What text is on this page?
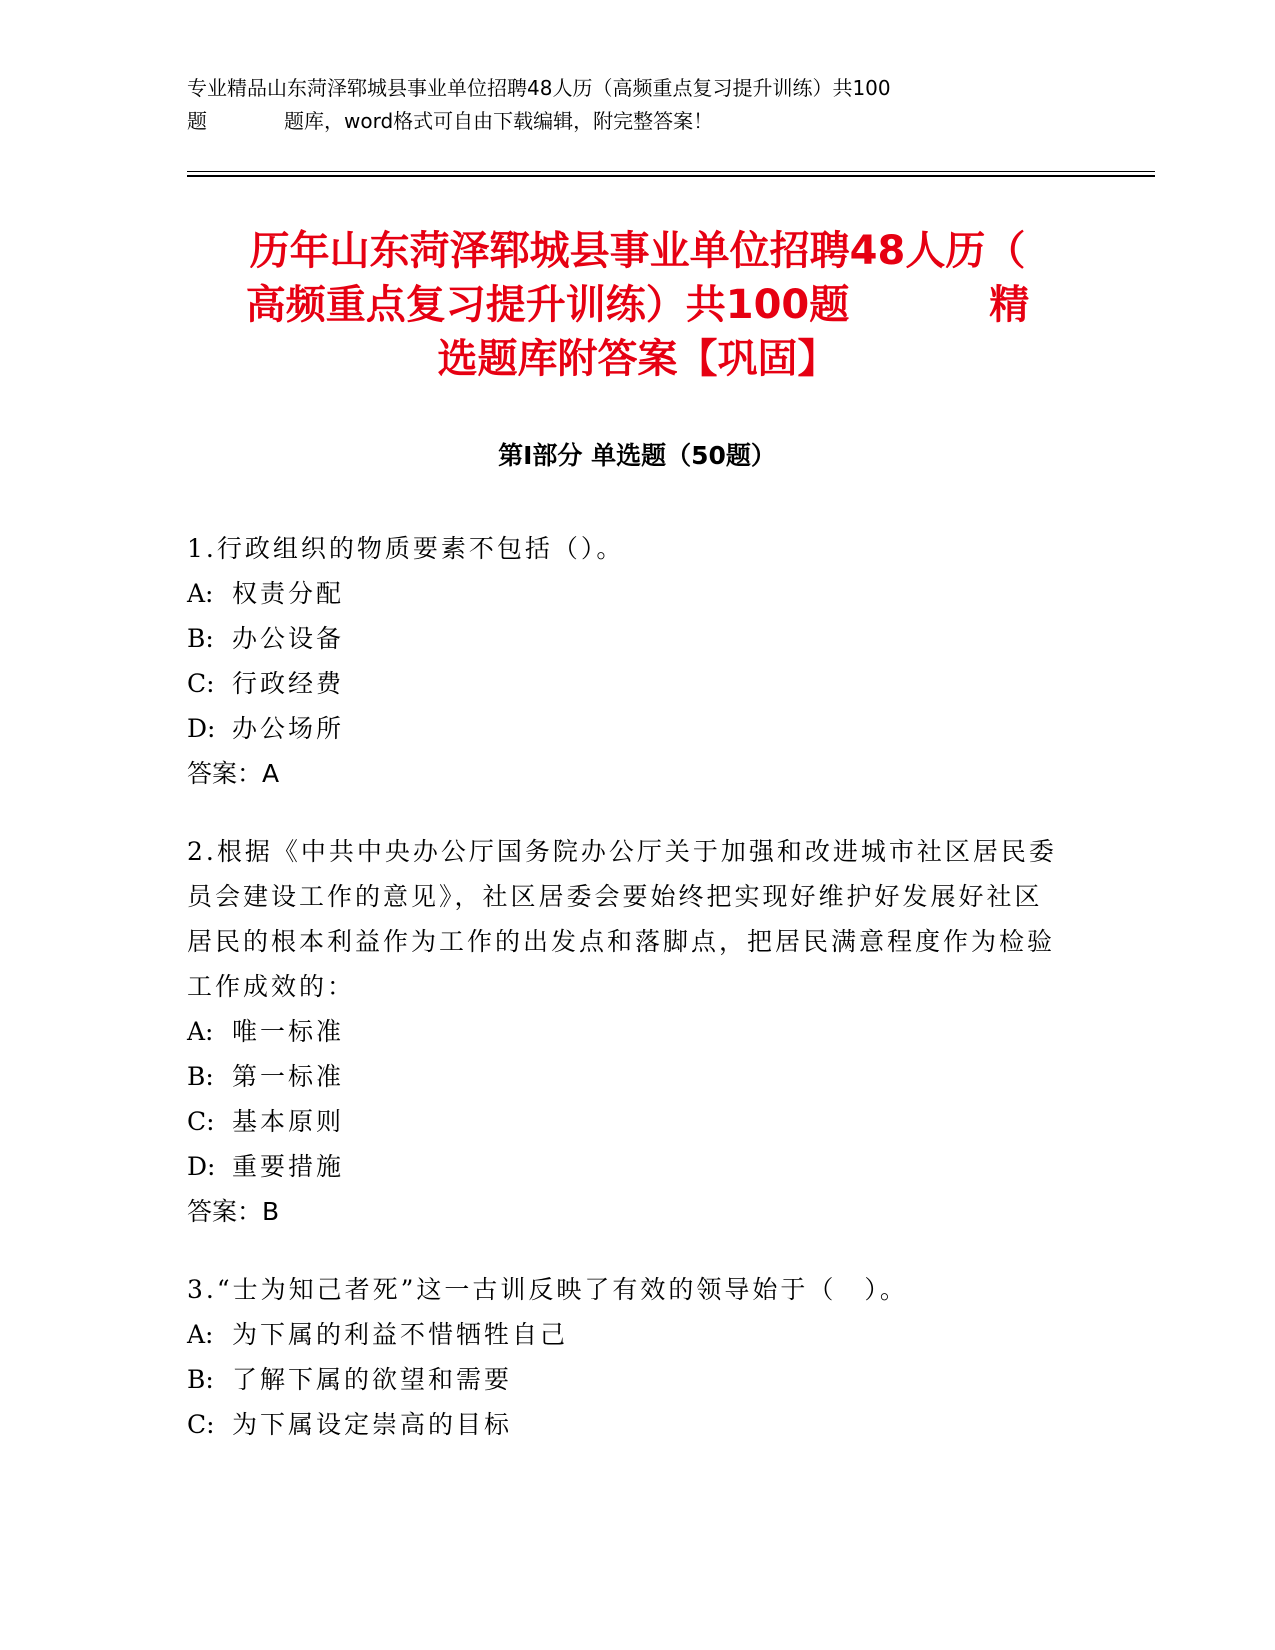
专业精品山东菏泽郓城县事业单位招聘48人历（高频重点复习提升训练）共100
题	题库，word格式可自由下载编辑，附完整答案！
历年山东菏泽郓城县事业单位招聘48人历（
高频重点复习提升训练）共100题	精
选题库附答案【巩固】
第Ⅰ部分 单选题（50题）
1.行政组织的物质要素不包括（）。
A: 权责分配
B: 办公设备
C: 行政经费
D: 办公场所
答案：A
2.根据《中共中央办公厅国务院办公厅关于加强和改进城市社区居民委员会建设工作的意见》，社区居委会要始终把实现好维护好发展好社区居民的根本利益作为工作的出发点和落脚点，把居民满意程度作为检验工作成效的：
A: 唯一标准
B: 第一标准
C: 基本原则
D: 重要措施
答案：B
3.“士为知己者死”这一古训反映了有效的领导始于（　）。
A: 为下属的利益不惜牺牲自己
B: 了解下属的欲望和需要
C: 为下属设定崇高的目标
